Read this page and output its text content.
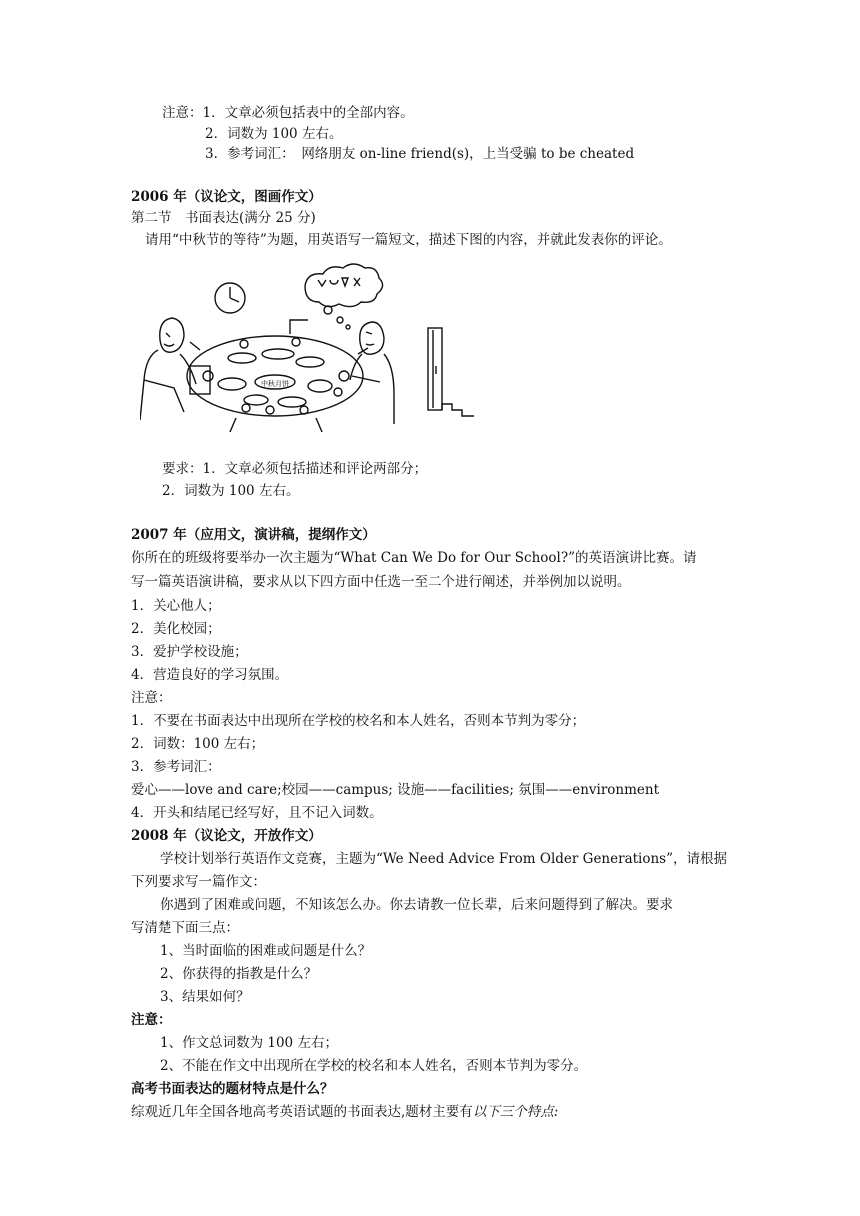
注意：1．文章必须包括表中的全部内容。
2．词数为 100 左右。
3．参考词汇：　网络朋友 on-line friend(s)，上当受骗 to be cheated
2006 年（议论文，图画作文）
第二节　书面表达(满分 25 分)
请用“中秋节的等待”为题，用英语写一篇短文，描述下图的内容，并就此发表你的评论。
中秋月饼
要求：1．文章必须包括描述和评论两部分；
2．词数为 100 左右。
2007 年（应用文，演讲稿，提纲作文）
你所在的班级将要举办一次主题为“What Can We Do for Our School?”的英语演讲比赛。请
写一篇英语演讲稿，要求从以下四方面中任选一至二个进行阐述，并举例加以说明。
1．关心他人；
2．美化校园；
3．爱护学校设施；
4．营造良好的学习氛围。
注意：
1．不要在书面表达中出现所在学校的校名和本人姓名，否则本节判为零分；
2．词数：100 左右；
3．参考词汇：
爱心——love and care;校园——campus; 设施——facilities; 氛围——environment
4．开头和结尾已经写好，且不记入词数。
2008 年（议论文，开放作文）
学校计划举行英语作文竞赛，主题为“We Need Advice From Older Generations”，请根据
下列要求写一篇作文：
你遇到了困难或问题，不知该怎么办。你去请教一位长辈，后来问题得到了解决。要求
写清楚下面三点：
1、当时面临的困难或问题是什么？
2、你获得的指教是什么？
3、结果如何？
注意：
1、作文总词数为 100 左右；
2、不能在作文中出现所在学校的校名和本人姓名，否则本节判为零分。
高考书面表达的题材特点是什么？
综观近几年全国各地高考英语试题的书面表达,题材主要有以下三个特点:
